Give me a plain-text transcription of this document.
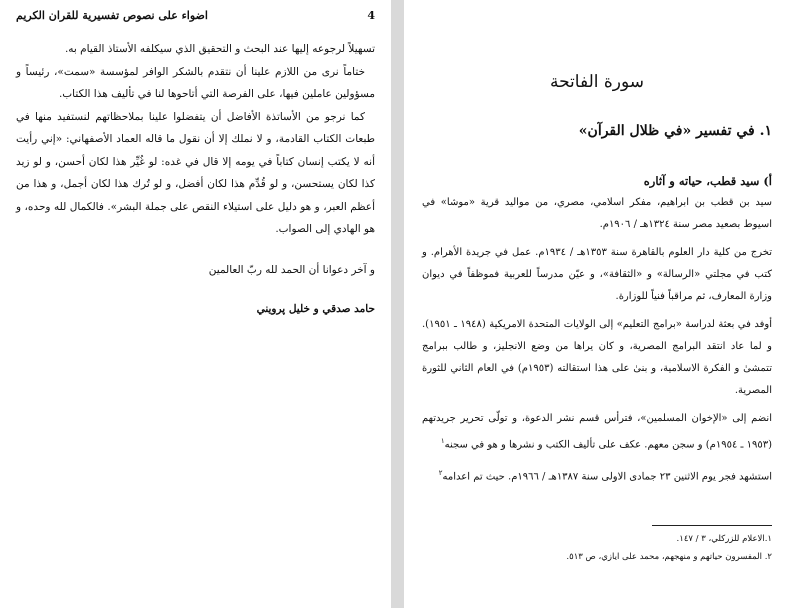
4
اضواء على نصوص تفسيرية للقران الكريم

تسهيلاً لرجوعه إليها عند البحث و التحقيق الذي سيكلفه الأستاذ القيام به.

ختاماً نرى من اللازم علينا أن نتقدم بالشكر الوافر لمؤسسة «سمت»، رئيساً و مسؤولين عاملين فيها، على الفرصة التي أتاحوها لنا في تأليف هذا الكتاب.

كما نرجو من الأساتذة الأفاضل أن يتفضلوا علينا بملاحظاتهم لنستفيد منها في طبعات الكتاب القادمة، و لا نملك إلا أن نقول ما قاله العماد الأصفهاني: «إني رأيت أنه لا يكتب إنسان كتاباً في يومه إلا قال في غده: لو غُيِّر هذا لكان أحسن، و لو زيد كذا لكان يستحسن، و لو قُدِّم هذا لكان أفضل، و لو تُرك هذا لكان أجمل، و هذا من أعظم العبر، و هو دليل على استيلاء النقص على جملة البشر». فالكمال لله وحده، و هو الهادي إلى الصواب.

و آخر دعوانا أن الحمد لله ربّ العالمين
حامد صدقي و خليل پرويني
سورة الفاتحة
١. في تفسير «في ظلال القرآن»
أ) سيد قطب، حياته و آثاره

سيد بن قطب بن ابراهيم، مفكر اسلامي، مصري، من مواليد قرية «موشا» في اسيوط بصعيد مصر سنة ١٣٢٤هـ / ١٩٠٦م.

تخرج من كلية دار العلوم بالقاهرة سنة ١٣٥٣هـ / ١٩٣٤م. عمل في جريدة الأهرام. و كتب في مجلتي «الرسالة» و «الثقافة»، و عيّن مدرساً للعربية فموظفاً في ديوان وزارة المعارف، ثم مراقباً فنياً للوزارة.

أوفد في بعثة لدراسة «برامج التعليم» إلى الولايات المتحدة الامريكية (١٩٤٨ ـ ١٩٥١). و لما عاد انتقد البرامج المصرية، و كان يراها من وضع الانجليز، و طالب ببرامج تتمشىٰ و الفكرة الاسلامية، و بنىٰ على هذا استقالته (١٩٥٣م) في العام الثاني للثورة المصرية.

انضم إلى «الإخوان المسلمين»، فترأس قسم نشر الدعوة، و تولّى تحرير جريدتهم (١٩٥٣ ـ ١٩٥٤م) و سجن معهم. عكف على تأليف الكتب و نشرها و هو في سجنه$^١$

استشهد فجر يوم الاثنين ٢٣ جمادى الاولى سنة ١٣٨٧هـ / ١٩٦٦م. حيث تم اعدامه$^٢$

١.الاعلام للزركلي، ٣ / ١٤٧.

٢. المفسرون حياتهم و منهجهم، محمد على ايازي، ص ٥١٣.
